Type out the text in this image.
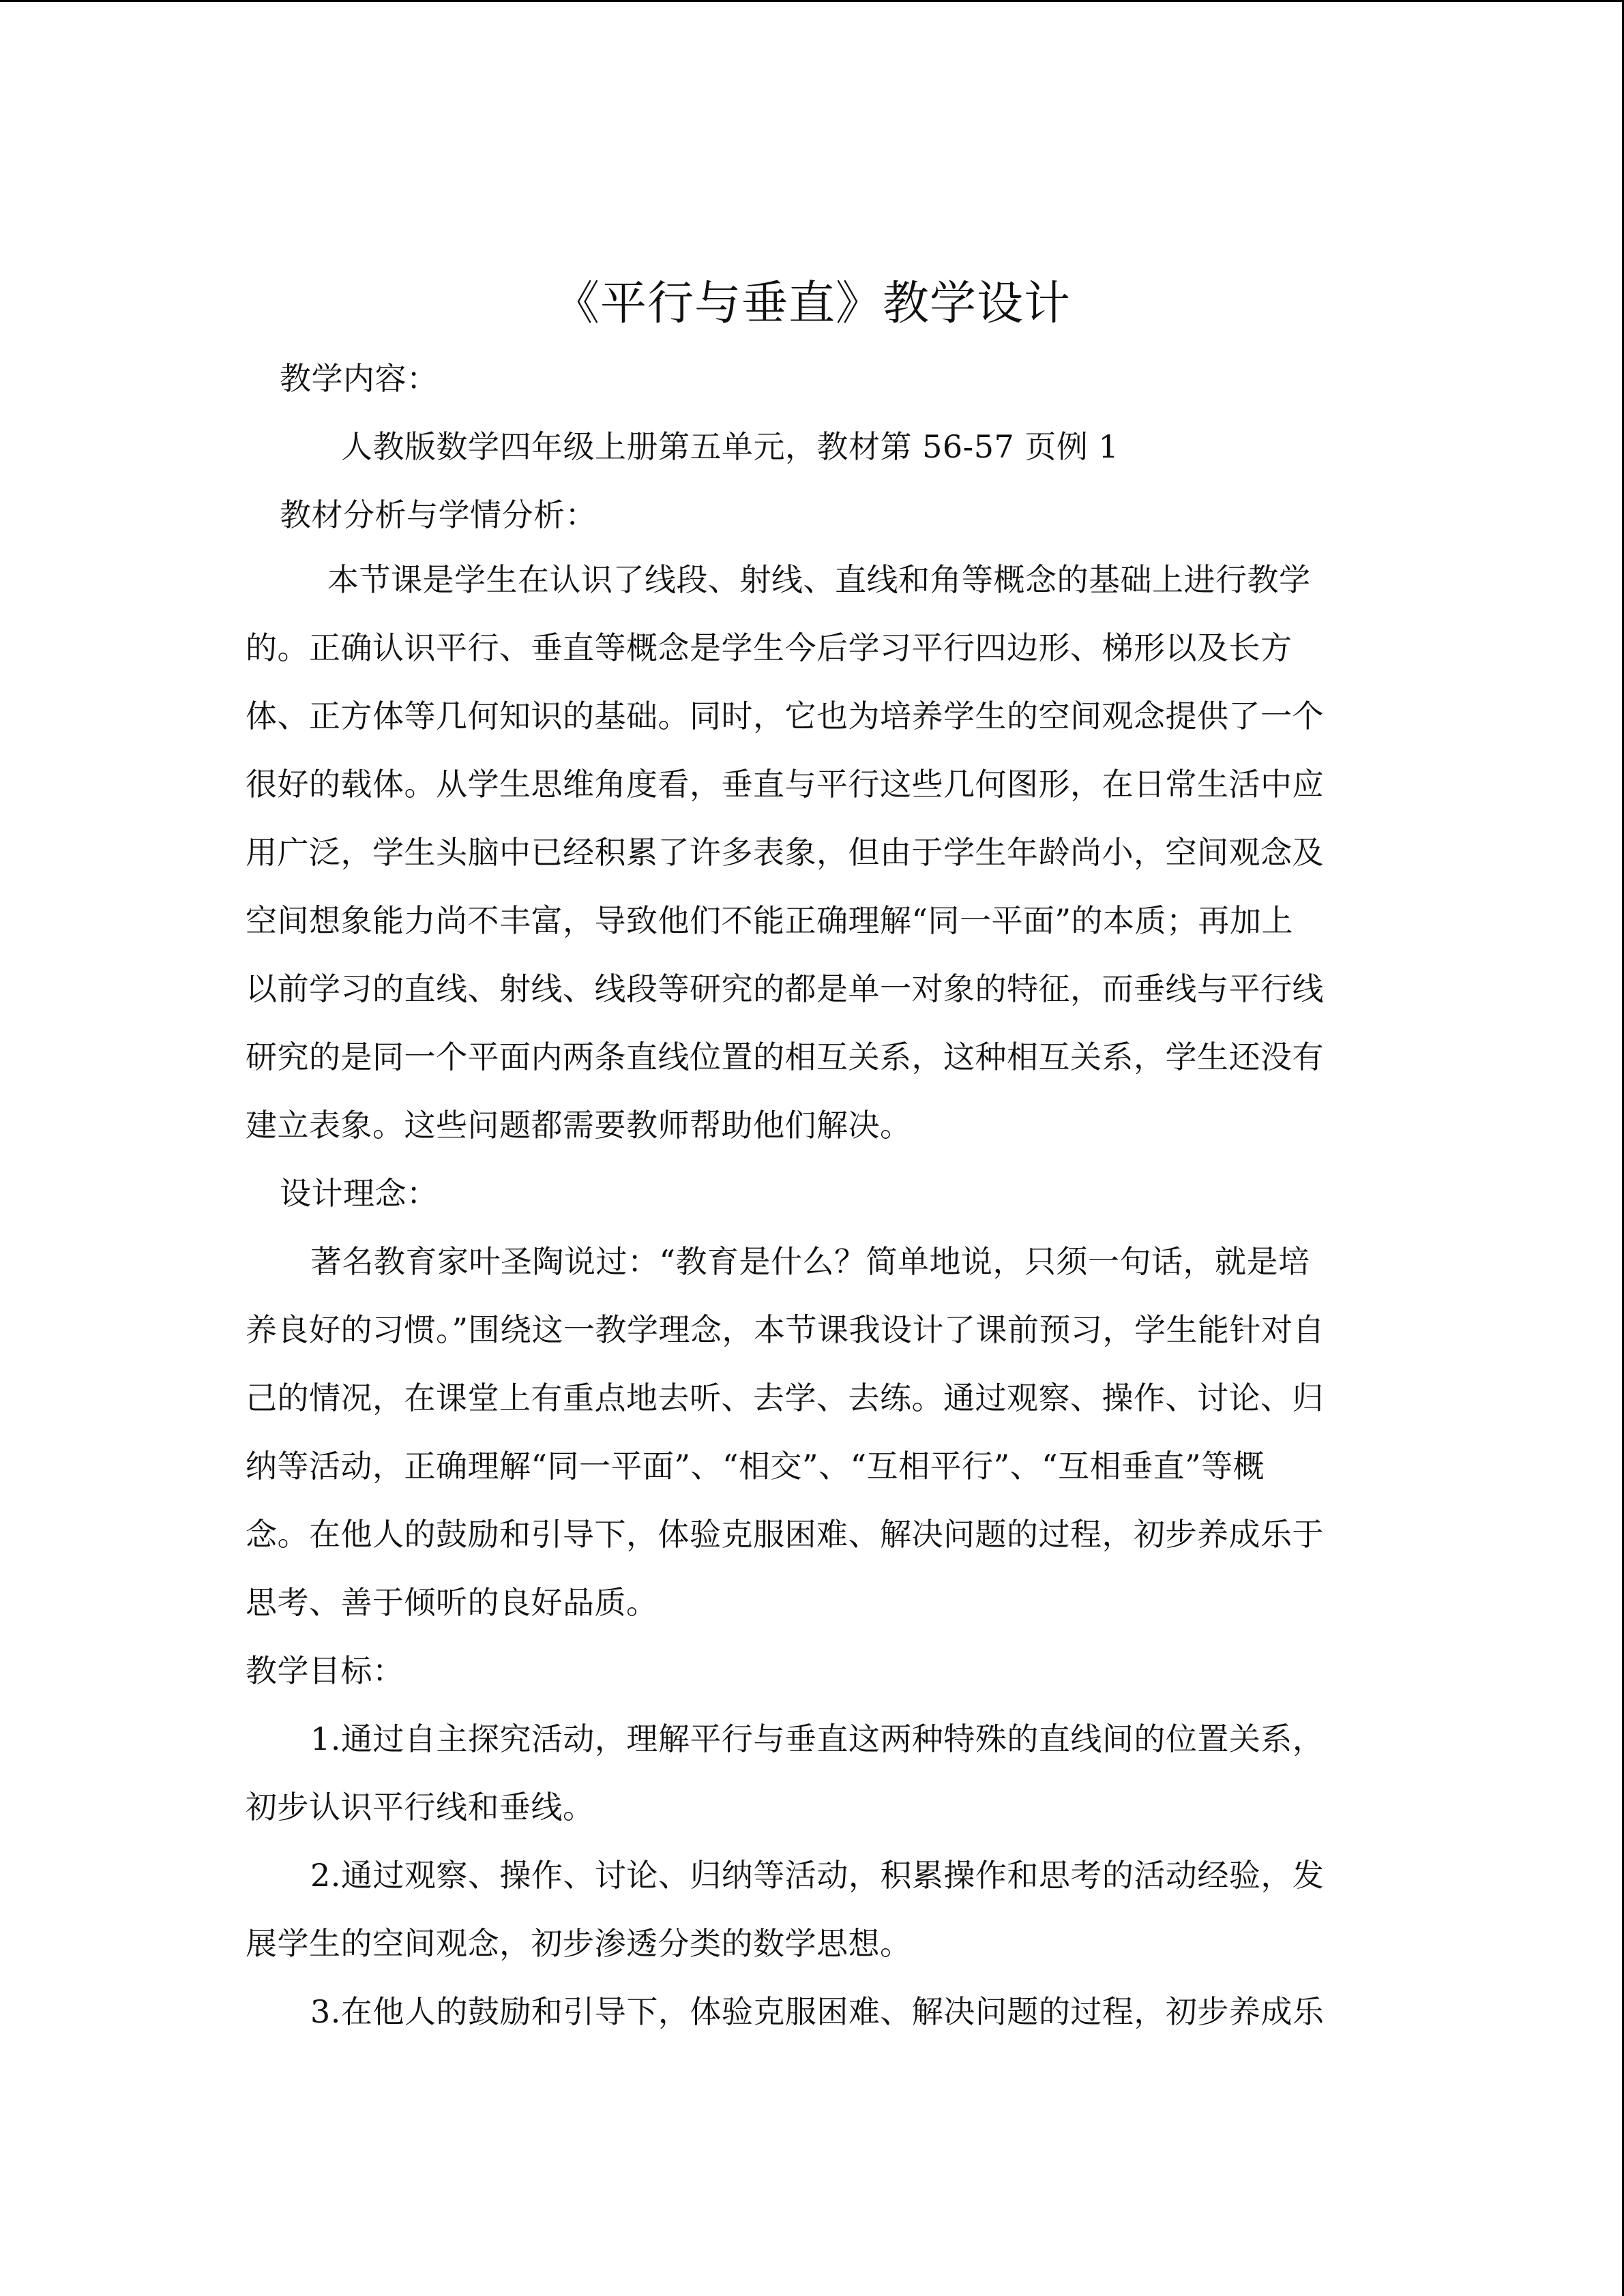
《平行与垂直》教学设计
教学内容：
人教版数学四年级上册第五单元，教材第 56-57 页例 1
教材分析与学情分析：
本节课是学生在认识了线段、射线、直线和角等概念的基础上进行教学
的。正确认识平行、垂直等概念是学生今后学习平行四边形、梯形以及长方
体、正方体等几何知识的基础。同时，它也为培养学生的空间观念提供了一个
很好的载体。从学生思维角度看，垂直与平行这些几何图形，在日常生活中应
用广泛，学生头脑中已经积累了许多表象，但由于学生年龄尚小，空间观念及
空间想象能力尚不丰富，导致他们不能正确理解“同一平面”的本质；再加上
以前学习的直线、射线、线段等研究的都是单一对象的特征，而垂线与平行线
研究的是同一个平面内两条直线位置的相互关系，这种相互关系，学生还没有
建立表象。这些问题都需要教师帮助他们解决。
设计理念：
著名教育家叶圣陶说过：“教育是什么？简单地说，只须一句话，就是培
养良好的习惯。”围绕这一教学理念，本节课我设计了课前预习，学生能针对自
己的情况，在课堂上有重点地去听、去学、去练。通过观察、操作、讨论、归
纳等活动，正确理解“同一平面”、“相交”、“互相平行”、“互相垂直”等概
念。在他人的鼓励和引导下，体验克服困难、解决问题的过程，初步养成乐于
思考、善于倾听的良好品质。
教学目标：
1.通过自主探究活动，理解平行与垂直这两种特殊的直线间的位置关系，
初步认识平行线和垂线。
2.通过观察、操作、讨论、归纳等活动，积累操作和思考的活动经验，发
展学生的空间观念，初步渗透分类的数学思想。
3.在他人的鼓励和引导下，体验克服困难、解决问题的过程，初步养成乐
